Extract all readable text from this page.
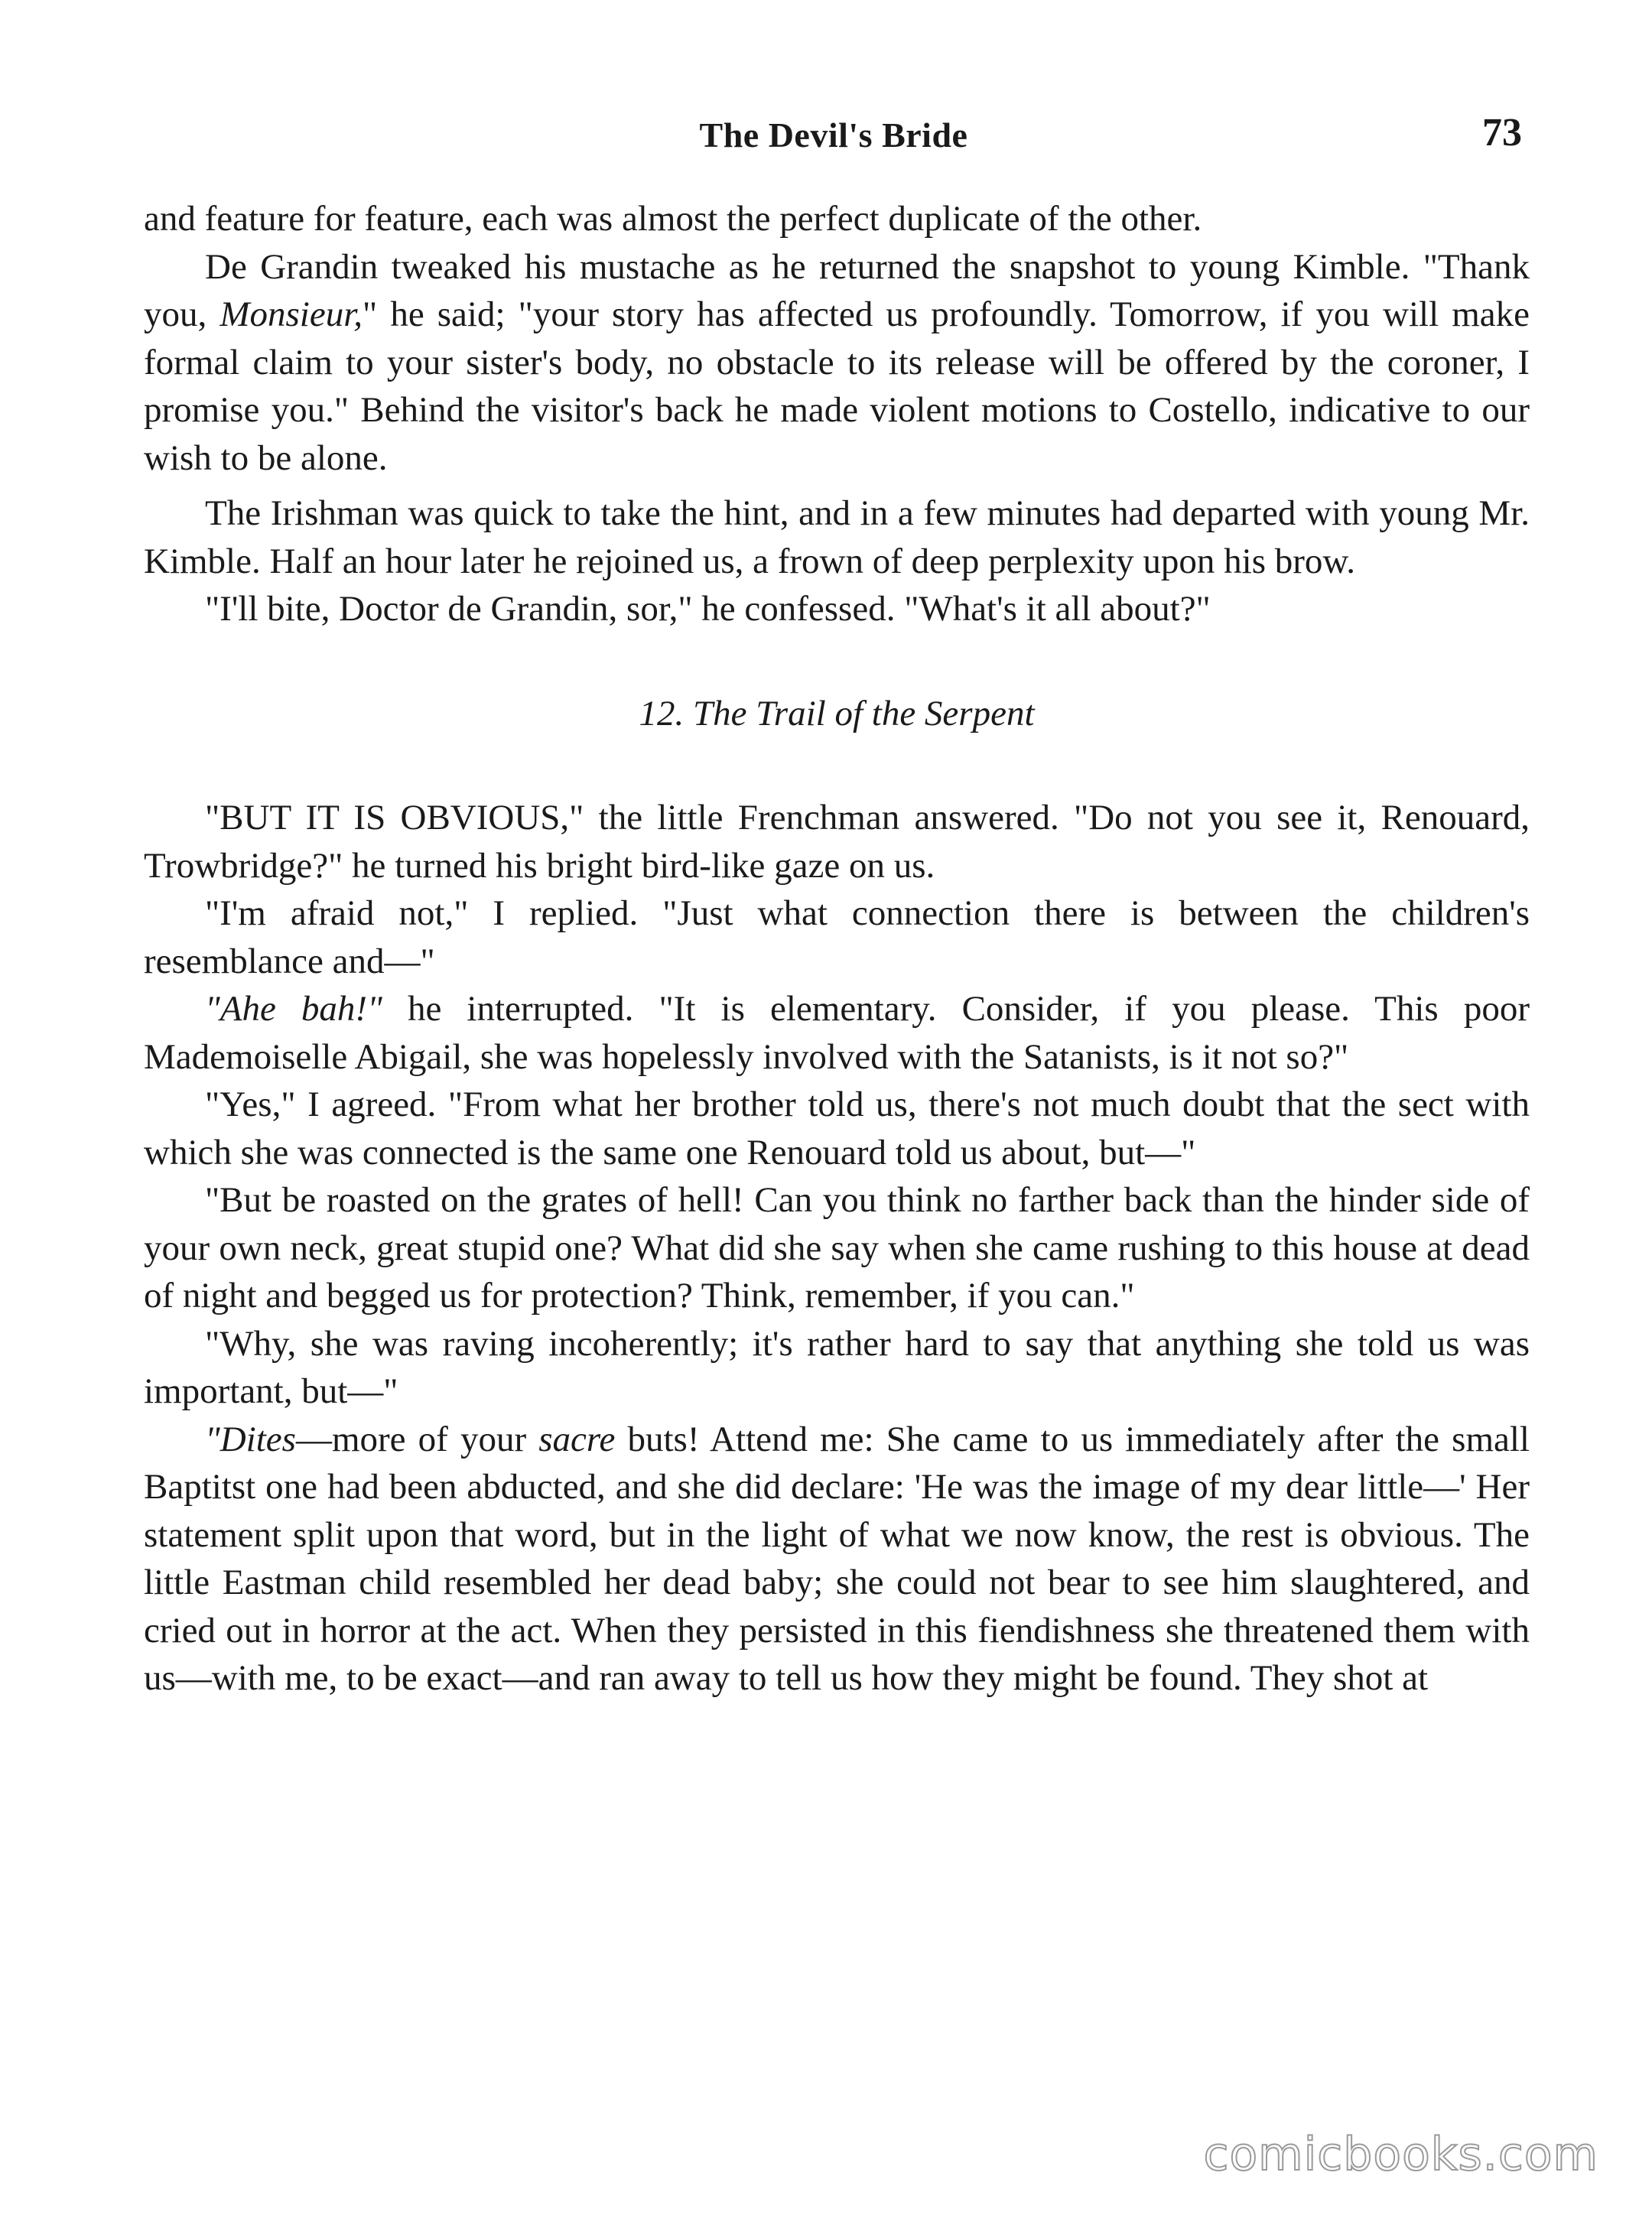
The Devil's Bride	73

and feature for feature, each was almost the perfect duplicate of the other.

De Grandin tweaked his mustache as he returned the snapshot to young Kimble. "Thank you, Monsieur," he said; "your story has affected us profoundly. Tomorrow, if you will make formal claim to your sister's body, no obstacle to its release will be offered by the coroner, I promise you." Behind the visitor's back he made violent motions to Costello, indicative to our wish to be alone.

The Irishman was quick to take the hint, and in a few minutes had departed with young Mr. Kimble. Half an hour later he rejoined us, a frown of deep perplexity upon his brow.

"I'll bite, Doctor de Grandin, sor," he confessed. "What's it all about?"

12. The Trail of the Serpent

"BUT IT IS OBVIOUS," the little Frenchman answered. "Do not you see it, Renouard, Trowbridge?" he turned his bright bird-like gaze on us.

"I'm afraid not," I replied. "Just what connection there is between the children's resemblance and—"

"Ahe bah!" he interrupted. "It is elementary. Consider, if you please. This poor Mademoiselle Abigail, she was hopelessly involved with the Satanists, is it not so?"

"Yes," I agreed. "From what her brother told us, there's not much doubt that the sect with which she was connected is the same one Renouard told us about, but—"

"But be roasted on the grates of hell! Can you think no farther back than the hinder side of your own neck, great stupid one? What did she say when she came rushing to this house at dead of night and begged us for protection? Think, remember, if you can."

"Why, she was raving incoherently; it's rather hard to say that anything she told us was important, but—"

"Dites—more of your sacre buts! Attend me: She came to us immediately after the small Baptitst one had been abducted, and she did declare: 'He was the image of my dear little—' Her statement split upon that word, but in the light of what we now know, the rest is obvious. The little Eastman child resembled her dead baby; she could not bear to see him slaughtered, and cried out in horror at the act. When they persisted in this fiendishness she threatened them with us—with me, to be exact—and ran away to tell us how they might be found. They shot at

comicbooks.com
